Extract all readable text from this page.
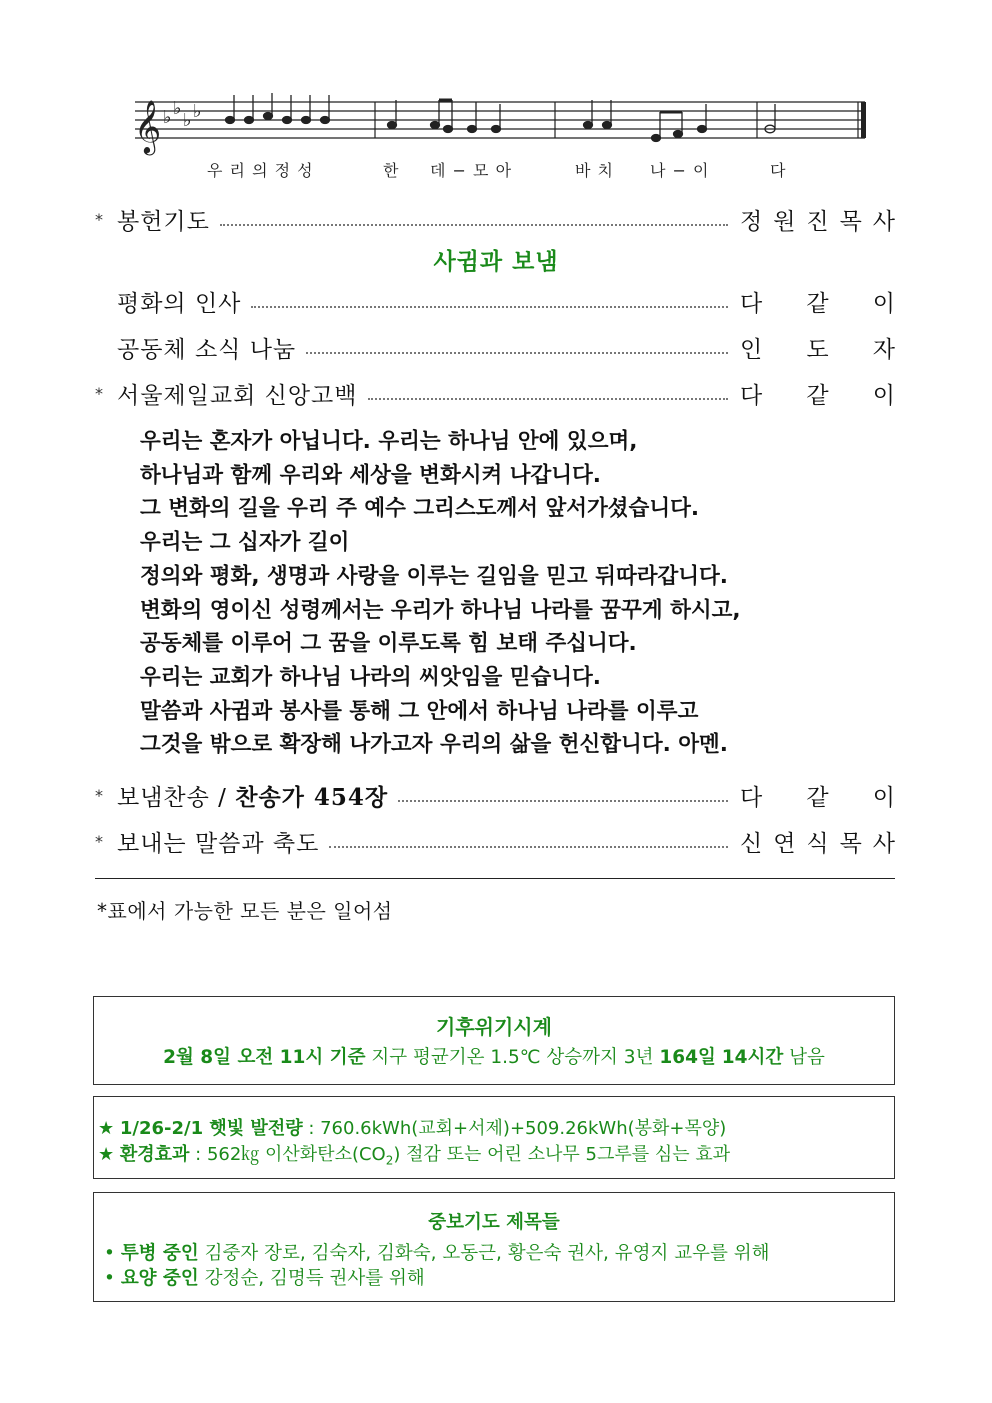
𝄞 ♭ ♭
♭ ♭
우 리 의 정 성	한 데 − 모 아	바 치 나 − 이	다
* 봉헌기도	정 원 진 목 사
사귐과 보냄
평화의 인사	다 같 이
공동체 소식 나눔	인 도 자
* 서울제일교회 신앙고백	다 같 이
우리는 혼자가 아닙니다. 우리는 하나님 안에 있으며,
하나님과 함께 우리와 세상을 변화시켜 나갑니다.
그 변화의 길을 우리 주 예수 그리스도께서 앞서가셨습니다.
우리는 그 십자가 길이
정의와 평화, 생명과 사랑을 이루는 길임을 믿고 뒤따라갑니다.
변화의 영이신 성령께서는 우리가 하나님 나라를 꿈꾸게 하시고,
공동체를 이루어 그 꿈을 이루도록 힘 보태 주십니다.
우리는 교회가 하나님 나라의 씨앗임을 믿습니다.
말씀과 사귐과 봉사를 통해 그 안에서 하나님 나라를 이루고
그것을 밖으로 확장해 나가고자 우리의 삶을 헌신합니다. 아멘.
* 보냄찬송 / 찬송가 454장	다 같 이
* 보내는 말씀과 축도	신 연 식 목 사
*표에서 가능한 모든 분은 일어섬
기후위기시계
2월 8일 오전 11시 기준 지구 평균기온 1.5℃ 상승까지 3년 164일 14시간 남음
★ 1/26-2/1 햇빛 발전량 : 760.6kWh(교회+서제)+509.26kWh(봉화+목양)
★ 환경효과 : 562㎏ 이산화탄소$(CO_2)$ 절감 또는 어린 소나무 5그루를 심는 효과
중보기도 제목들
• 투병 중인 김중자 장로, 김숙자, 김화숙, 오동근, 황은숙 권사, 유영지 교우를 위해
• 요양 중인 강정순, 김명득 권사를 위해
